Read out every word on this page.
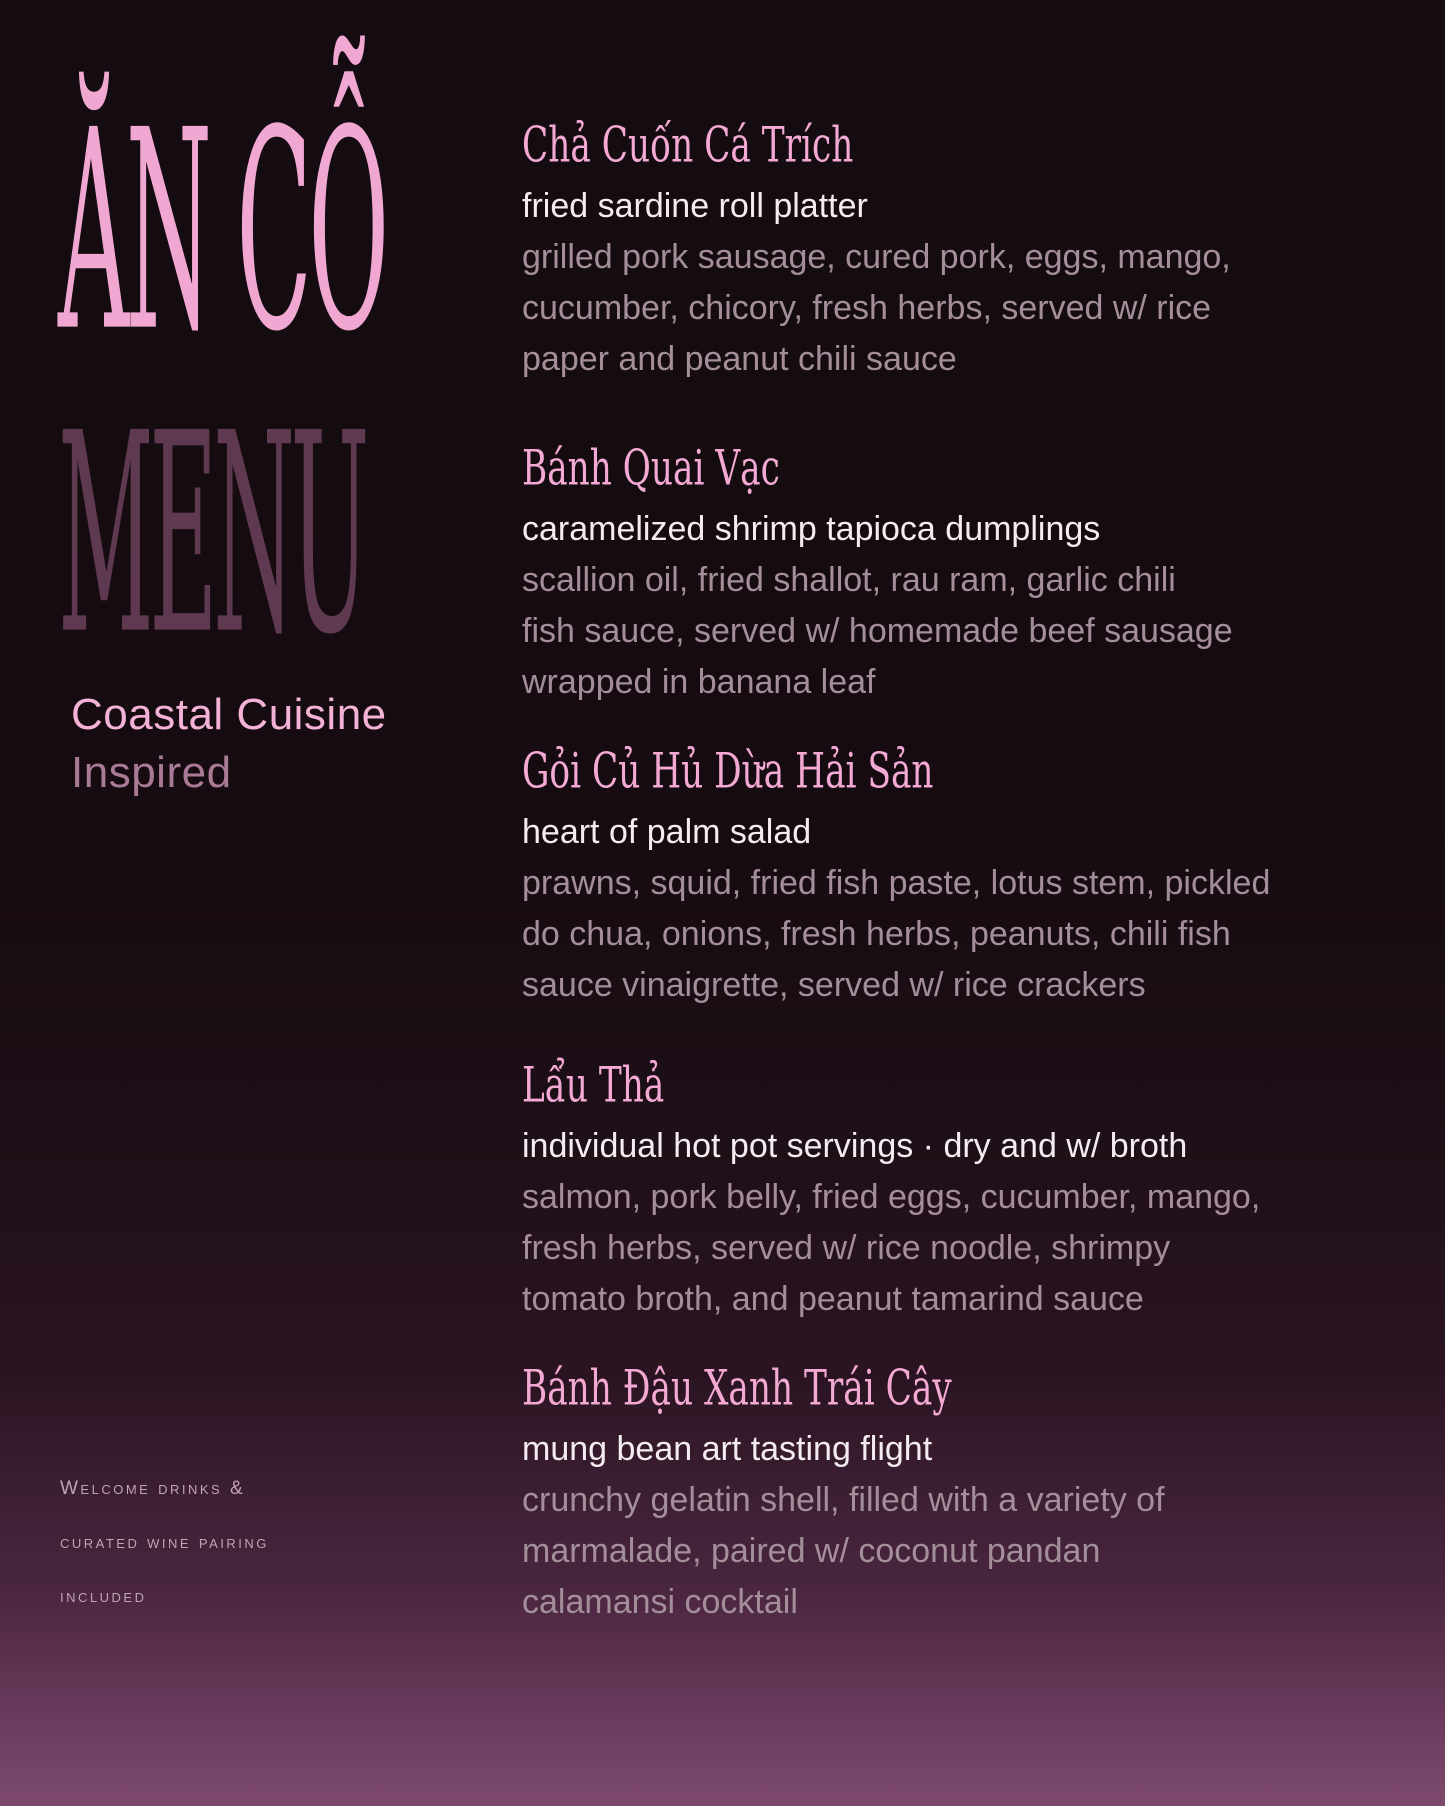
ĂN CỖ
MENU
Coastal Cuisine
Inspired
Welcome drinks &
curated wine pairing
included
Chả Cuốn Cá Trích
fried sardine roll platter
grilled pork sausage, cured pork, eggs, mango,
cucumber, chicory, fresh herbs, served w/ rice
paper and peanut chili sauce
Bánh Quai Vạc
caramelized shrimp tapioca dumplings
scallion oil, fried shallot, rau ram, garlic chili
fish sauce, served w/ homemade beef sausage
wrapped in banana leaf
Gỏi Củ Hủ Dừa Hải Sản
heart of palm salad
prawns, squid, fried fish paste, lotus stem, pickled
do chua, onions, fresh herbs, peanuts, chili fish
sauce vinaigrette, served w/ rice crackers
Lẩu Thả
individual hot pot servings · dry and w/ broth
salmon, pork belly, fried eggs, cucumber, mango,
fresh herbs, served w/ rice noodle, shrimpy
tomato broth, and peanut tamarind sauce
Bánh Đậu Xanh Trái Cây
mung bean art tasting flight
crunchy gelatin shell, filled with a variety of
marmalade, paired w/ coconut pandan
calamansi cocktail
